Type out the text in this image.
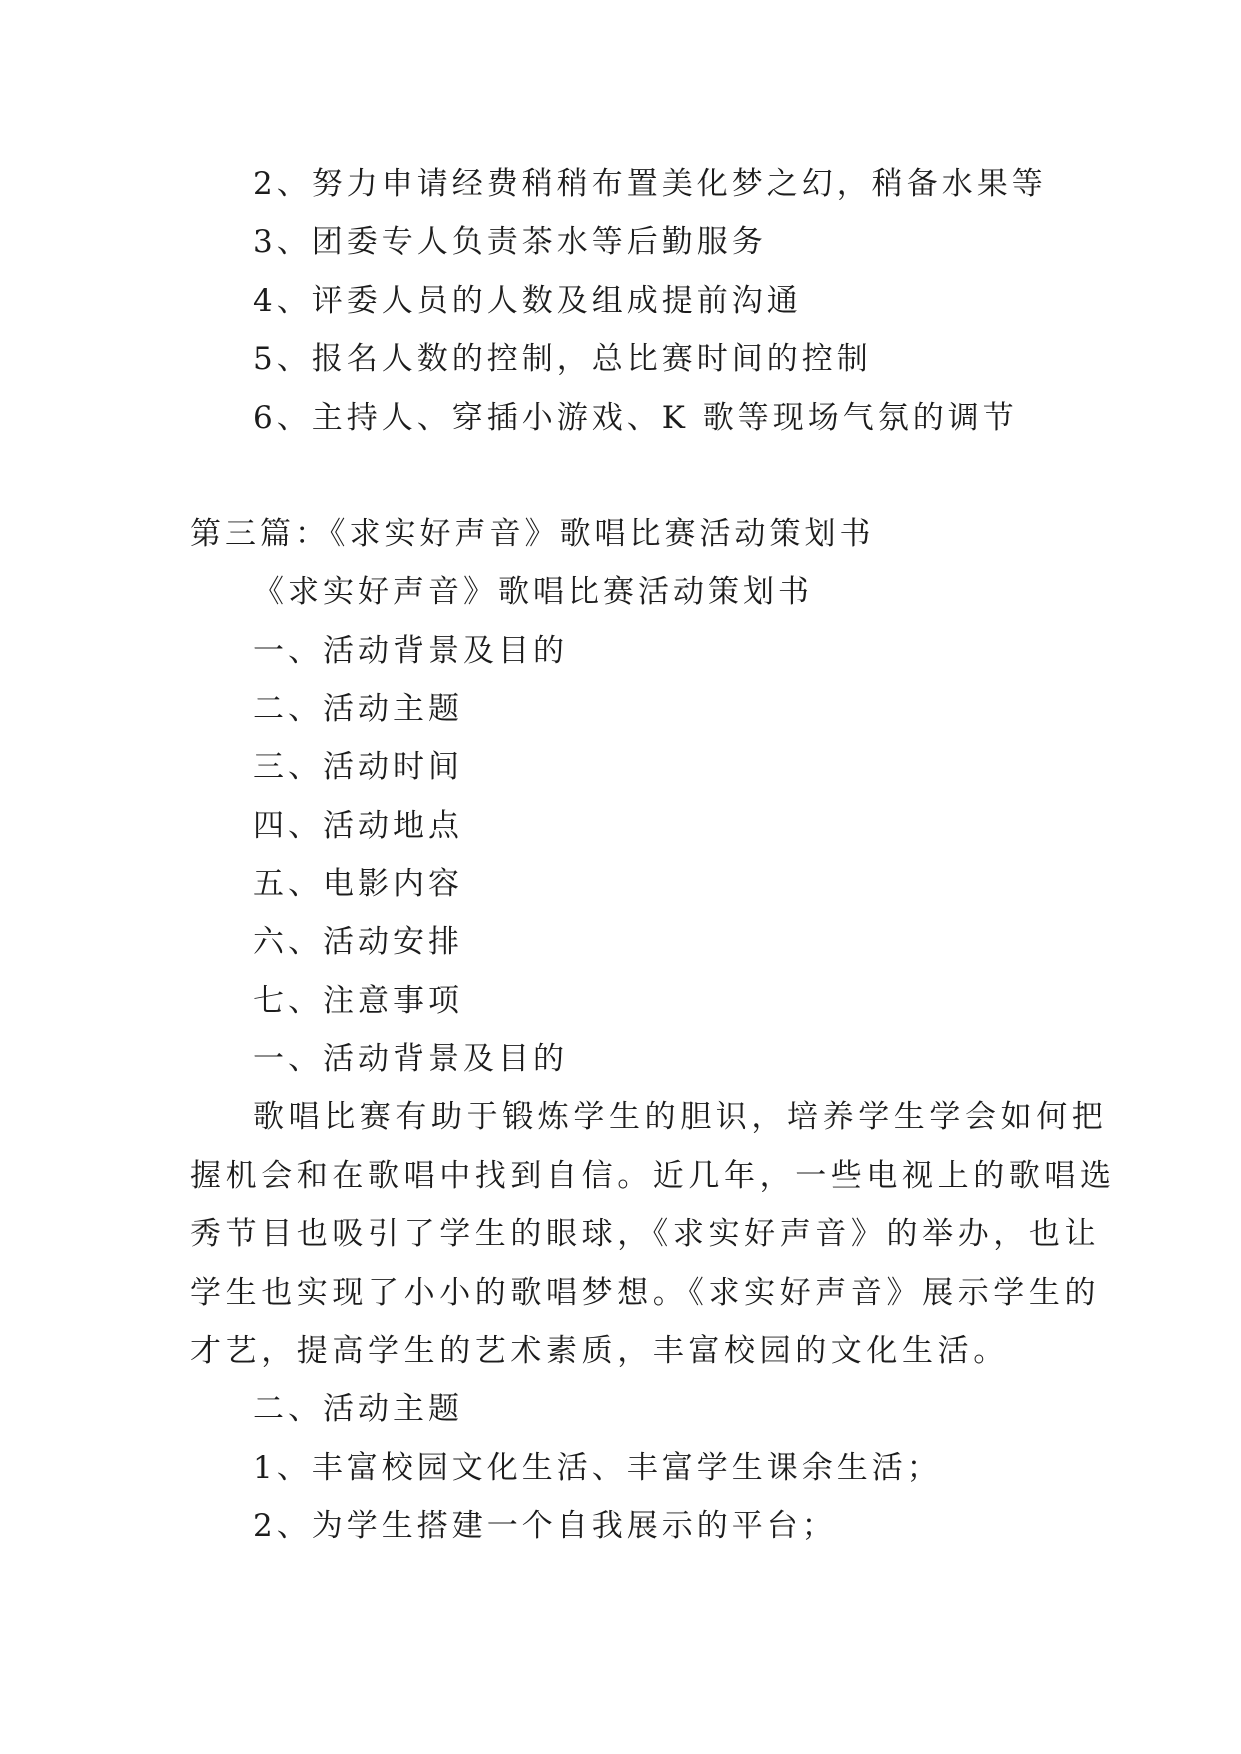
2、努力申请经费稍稍布置美化梦之幻，稍备水果等
3、团委专人负责茶水等后勤服务
4、评委人员的人数及组成提前沟通
5、报名人数的控制，总比赛时间的控制
6、主持人、穿插小游戏、K 歌等现场气氛的调节
第三篇：《求实好声音》歌唱比赛活动策划书
《求实好声音》歌唱比赛活动策划书
一、活动背景及目的
二、活动主题
三、活动时间
四、活动地点
五、电影内容
六、活动安排
七、注意事项
一、活动背景及目的
歌唱比赛有助于锻炼学生的胆识，培养学生学会如何把
握机会和在歌唱中找到自信。近几年，一些电视上的歌唱选
秀节目也吸引了学生的眼球，《求实好声音》的举办，也让
学生也实现了小小的歌唱梦想。《求实好声音》展示学生的
才艺，提高学生的艺术素质，丰富校园的文化生活。
二、活动主题
1、丰富校园文化生活、丰富学生课余生活；
2、为学生搭建一个自我展示的平台；
